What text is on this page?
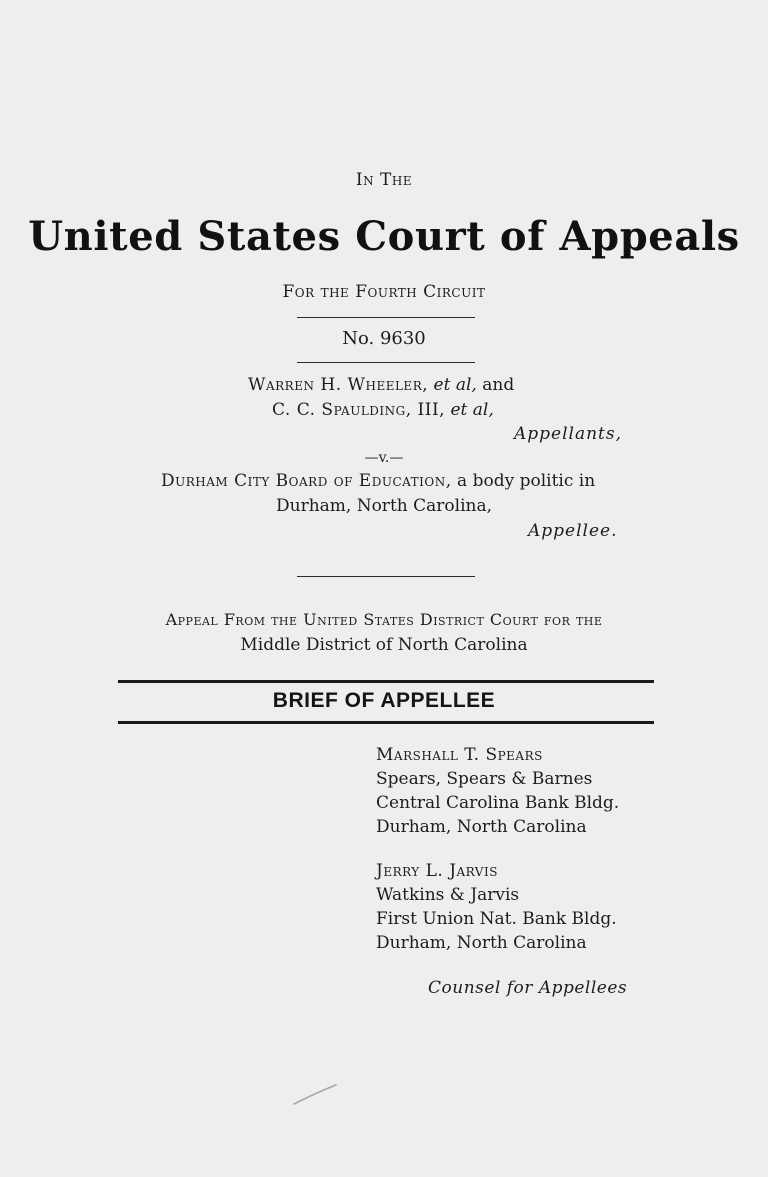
In The
United States Court of Appeals
For the Fourth Circuit
No. 9630
Warren H. Wheeler, et al, and
C. C. Spaulding, III, et al,
Appellants,
—v.—
Durham City Board of Education, a body politic in
Durham, North Carolina,
Appellee.
Appeal From the United States District Court for the
Middle District of North Carolina
BRIEF OF APPELLEE
Marshall T. Spears
Spears, Spears & Barnes
Central Carolina Bank Bldg.
Durham, North Carolina
Jerry L. Jarvis
Watkins & Jarvis
First Union Nat. Bank Bldg.
Durham, North Carolina
Counsel for Appellees
